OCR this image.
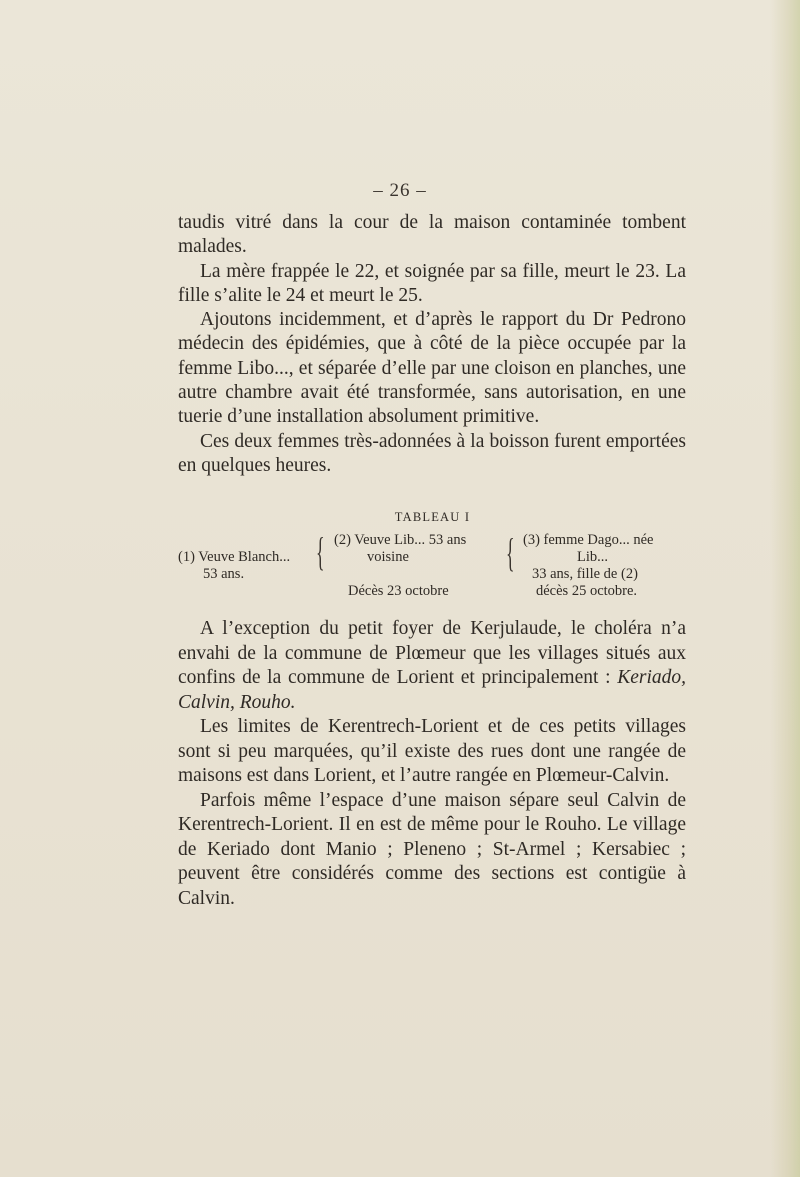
– 26 –

taudis vitré dans la cour de la maison contaminée tombent malades.

La mère frappée le 22, et soignée par sa fille, meurt le 23. La fille s’alite le 24 et meurt le 25.

Ajoutons incidemment, et d’après le rapport du Dr Pedrono médecin des épidémies, que à côté de la pièce occupée par la femme Libo..., et séparée d’elle par une cloison en planches, une autre chambre avait été transformée, sans autorisation, en une tuerie d’une installation absolument primitive.

Ces deux femmes très-adonnées à la boisson furent emportées en quelques heures.

TABLEAU I
(1) Veuve Blanch...
53 ans. { (2) Veuve Lib... 53 ans
voisine
Décès 23 octobre
{ (3) femme Dago... née
Lib...
33 ans, fille de (2)
décès 25 octobre.

A l’exception du petit foyer de Kerjulaude, le choléra n’a envahi de la commune de Plœmeur que les villages situés aux confins de la commune de Lorient et principalement : Keriado, Calvin, Rouho.

Les limites de Kerentrech-Lorient et de ces petits villages sont si peu marquées, qu’il existe des rues dont une rangée de maisons est dans Lorient, et l’autre rangée en Plœmeur-Calvin.

Parfois même l’espace d’une maison sépare seul Calvin de Kerentrech-Lorient. Il en est de même pour le Rouho. Le village de Keriado dont Manio ; Pleneno ; St-Armel ; Kersabiec ; peuvent être considérés comme des sections est contigüe à Calvin.
